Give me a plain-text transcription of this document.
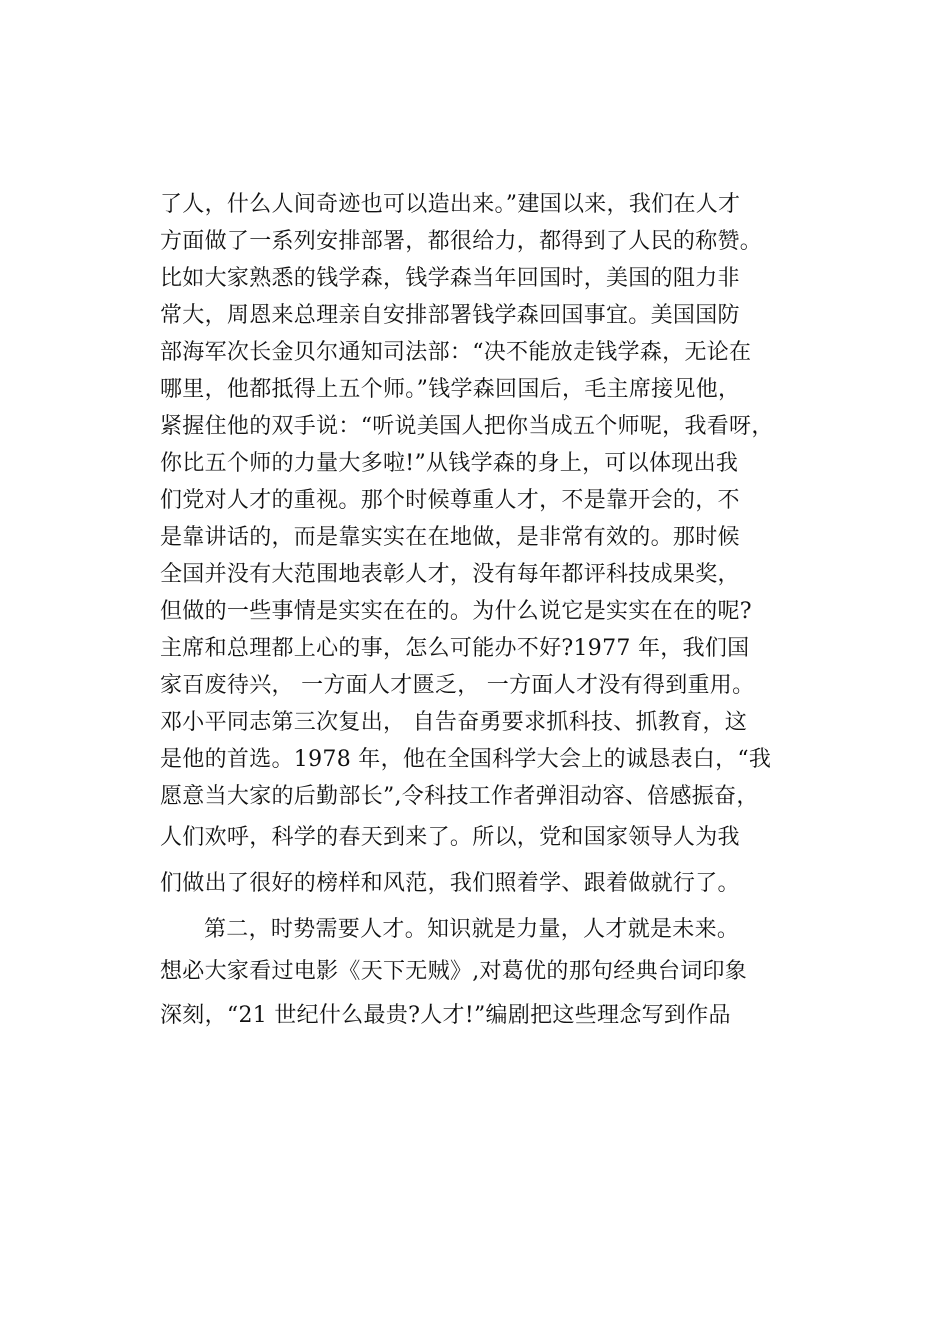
了人，什么人间奇迹也可以造出来。”建国以来，我们在人才
方面做了一系列安排部署，都很给力，都得到了人民的称赞。
比如大家熟悉的钱学森，钱学森当年回国时，美国的阻力非
常大，周恩来总理亲自安排部署钱学森回国事宜。美国国防
部海军次长金贝尔通知司法部：“决不能放走钱学森，无论在
哪里，他都抵得上五个师。”钱学森回国后，毛主席接见他，
紧握住他的双手说：“听说美国人把你当成五个师呢，我看呀，
你比五个师的力量大多啦!”从钱学森的身上，可以体现出我
们党对人才的重视。那个时候尊重人才，不是靠开会的，不
是靠讲话的，而是靠实实在在地做，是非常有效的。那时候
全国并没有大范围地表彰人才，没有每年都评科技成果奖，
但做的一些事情是实实在在的。为什么说它是实实在在的呢?
主席和总理都上心的事，怎么可能办不好?1977 年，我们国
家百废待兴， 一方面人才匮乏， 一方面人才没有得到重用。
邓小平同志第三次复出， 自告奋勇要求抓科技、抓教育，这
是他的首选。1978 年，他在全国科学大会上的诚恳表白，“我
愿意当大家的后勤部长”,令科技工作者弹泪动容、倍感振奋，
人们欢呼，科学的春天到来了。所以，党和国家领导人为我
们做出了很好的榜样和风范，我们照着学、跟着做就行了。
第二，时势需要人才。知识就是力量，人才就是未来。
想必大家看过电影《天下无贼》,对葛优的那句经典台词印象
深刻，“21 世纪什么最贵?人才!”编剧把这些理念写到作品
